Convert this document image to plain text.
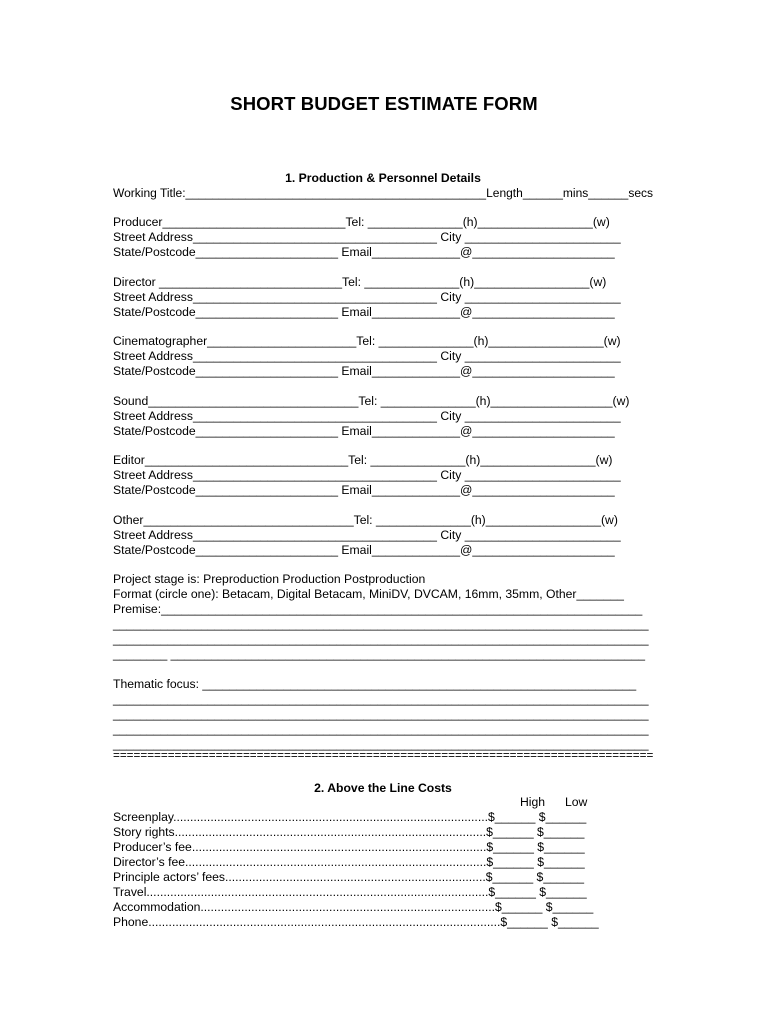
SHORT BUDGET ESTIMATE FORM
1. Production & Personnel Details
Working Title:_____________________________________________Length______mins______secs
Producer___________________________Tel: ______________(h)_________________(w)
Street Address____________________________________ City _______________________
State/Postcode_____________________ Email_____________@_____________________
Director ___________________________Tel: ______________(h)_________________(w)
Street Address____________________________________ City _______________________
State/Postcode_____________________ Email_____________@_____________________
Cinematographer______________________Tel: ______________(h)_________________(w)
Street Address____________________________________ City _______________________
State/Postcode_____________________ Email_____________@_____________________
Sound_______________________________Tel: ______________(h)__________________(w)
Street Address____________________________________ City _______________________
State/Postcode_____________________ Email_____________@_____________________
Editor______________________________Tel: ______________(h)_________________(w)
Street Address____________________________________ City _______________________
State/Postcode_____________________ Email_____________@_____________________
Other_______________________________Tel: ______________(h)_________________(w)
Street Address____________________________________ City _______________________
State/Postcode_____________________ Email_____________@_____________________
Project stage is: Preproduction Production Postproduction
Format (circle one): Betacam, Digital Betacam, MiniDV, DVCAM, 16mm, 35mm, Other_______
Premise:_______________________________________________________________________
_______________________________________________________________________________
_______________________________________________________________________________
________ ______________________________________________________________________
Thematic focus: ________________________________________________________________
_______________________________________________________________________________
_______________________________________________________________________________
_______________________________________________________________________________
_______________________________________________________________________________
===============================================================================
2. Above the Line Costs
High Low
Screenplay.............................................................................................$______ $______
Story rights............................................................................................$______ $______
Producer’s fee.......................................................................................$______ $______
Director’s fee.........................................................................................$______ $______
Principle actors’ fees.............................................................................$______ $______
Travel.....................................................................................................$______ $______
Accommodation.......................................................................................$______ $______
Phone........................................................................................................$______ $______
